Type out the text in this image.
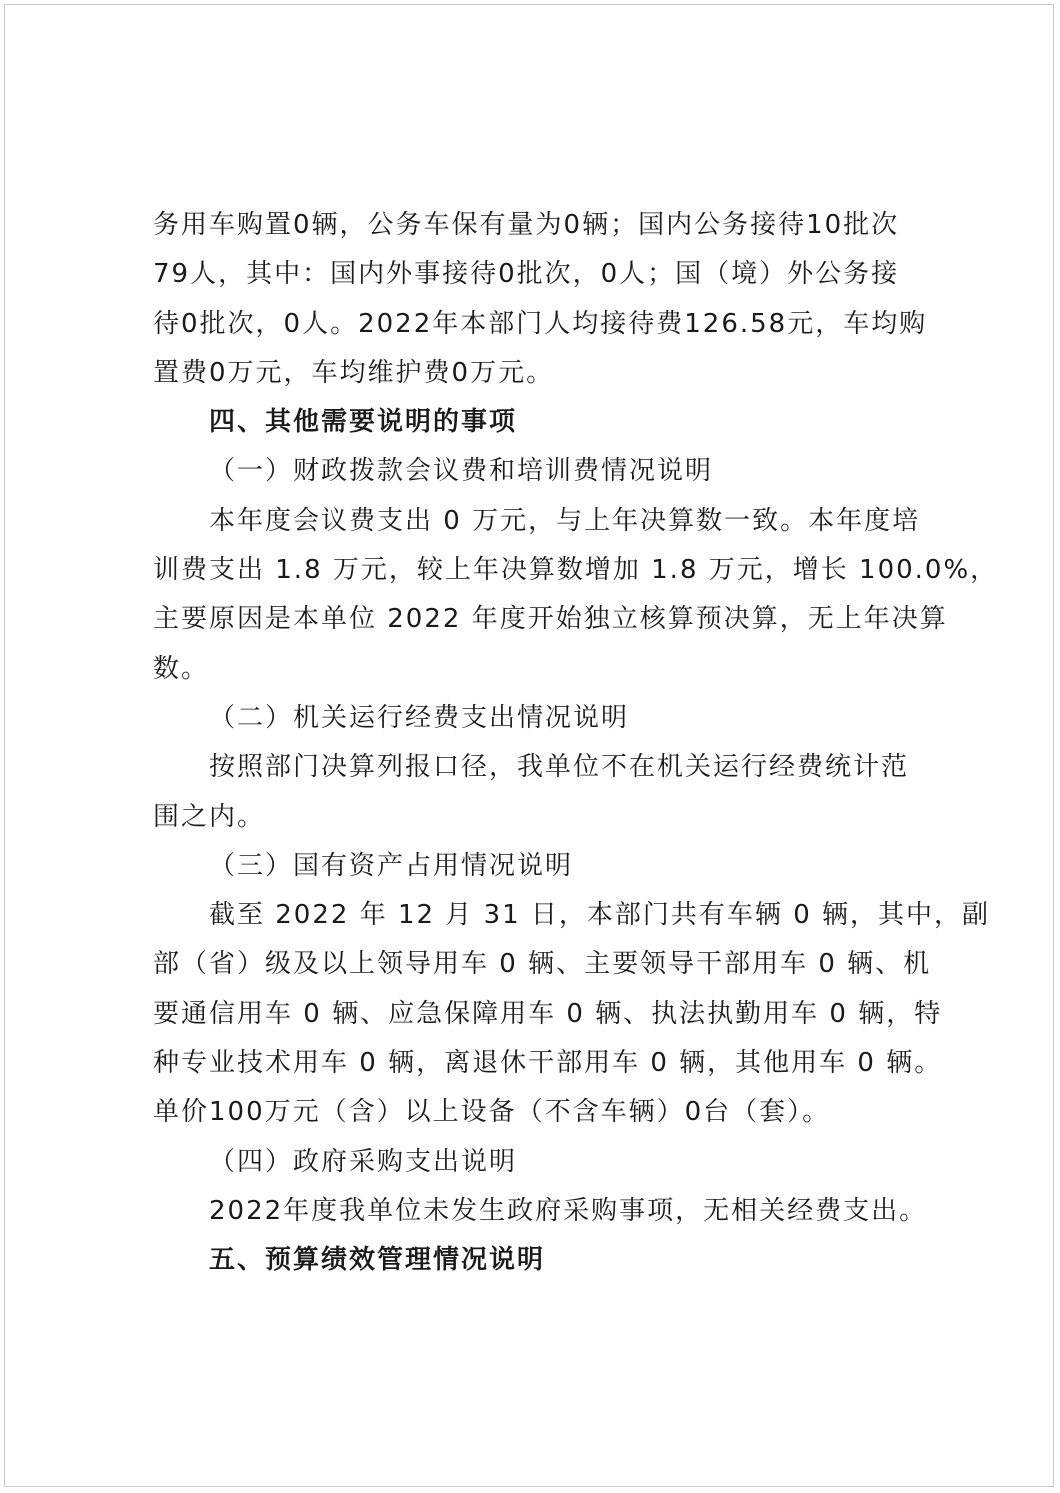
务用车购置0辆，公务车保有量为0辆；国内公务接待10批次

79人，其中：国内外事接待0批次，0人；国（境）外公务接

待0批次，0人。2022年本部门人均接待费126.58元，车均购

置费0万元，车均维护费0万元。

四、其他需要说明的事项

（一）财政拨款会议费和培训费情况说明

本年度会议费支出 0 万元，与上年决算数一致。本年度培

训费支出 1.8 万元，较上年决算数增加 1.8 万元，增长 100.0%，

主要原因是本单位 2022 年度开始独立核算预决算，无上年决算

数。

（二）机关运行经费支出情况说明

按照部门决算列报口径，我单位不在机关运行经费统计范

围之内。

（三）国有资产占用情况说明

截至 2022 年 12 月 31 日，本部门共有车辆 0 辆，其中，副

部（省）级及以上领导用车 0 辆、主要领导干部用车 0 辆、机

要通信用车 0 辆、应急保障用车 0 辆、执法执勤用车 0 辆，特

种专业技术用车 0 辆，离退休干部用车 0 辆，其他用车 0 辆。

单价100万元（含）以上设备（不含车辆）0台（套）。

（四）政府采购支出说明

2022年度我单位未发生政府采购事项，无相关经费支出。

五、预算绩效管理情况说明
